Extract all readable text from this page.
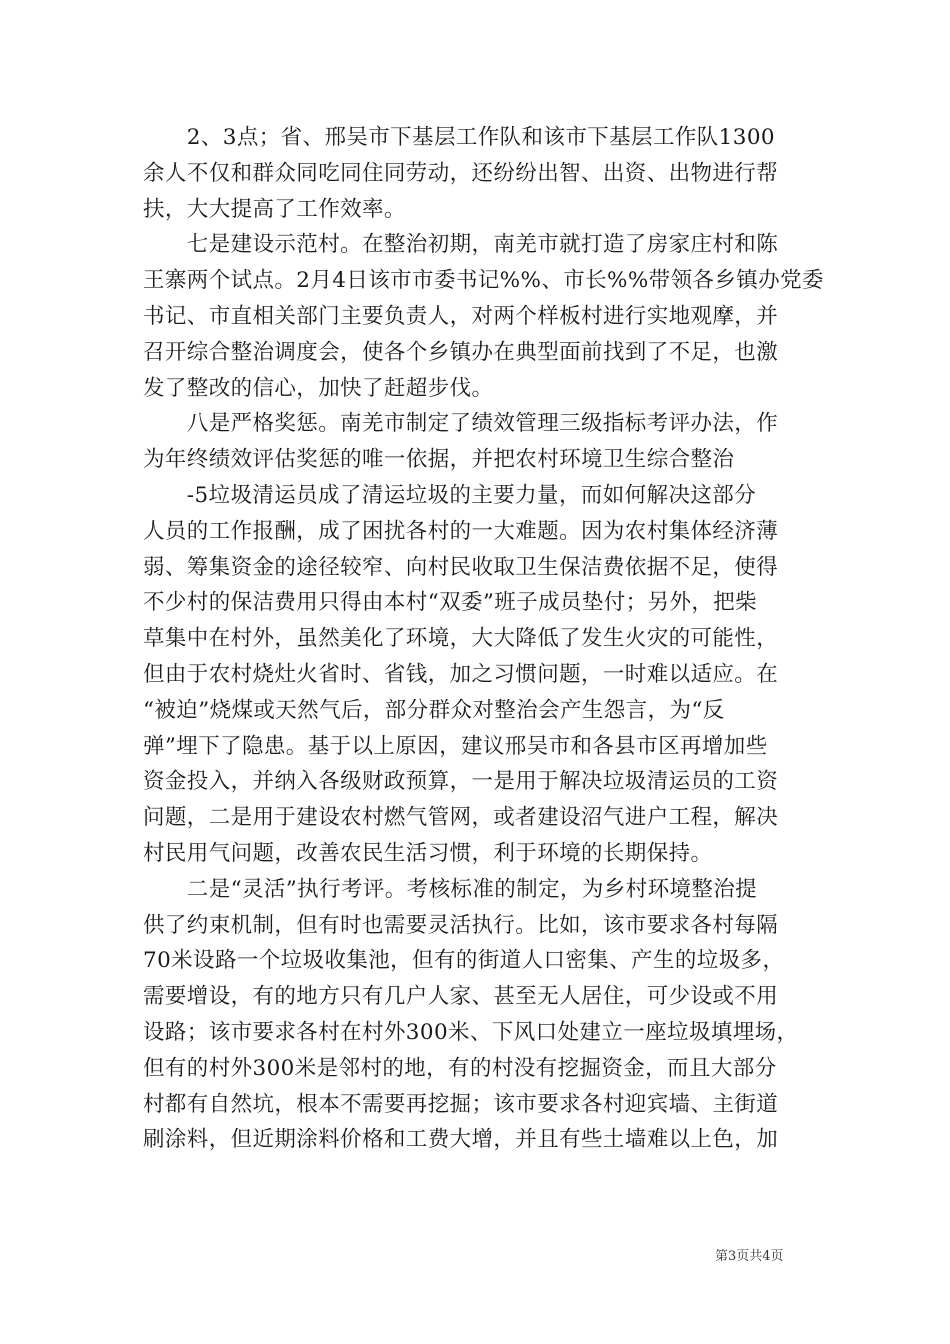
　　2、3点；省、邢吴市下基层工作队和该市下基层工作队1300
余人不仅和群众同吃同住同劳动，还纷纷出智、出资、出物进行帮
扶，大大提高了工作效率。
　　七是建设示范村。在整治初期，南羌市就打造了房家庄村和陈
王寨两个试点。2月4日该市市委书记%%、市长%%带领各乡镇办党委
书记、市直相关部门主要负责人，对两个样板村进行实地观摩，并
召开综合整治调度会，使各个乡镇办在典型面前找到了不足，也激
发了整改的信心，加快了赶超步伐。
　　八是严格奖惩。南羌市制定了绩效管理三级指标考评办法，作
为年终绩效评估奖惩的唯一依据，并把农村环境卫生综合整治
　　-5垃圾清运员成了清运垃圾的主要力量，而如何解决这部分
人员的工作报酬，成了困扰各村的一大难题。因为农村集体经济薄
弱、筹集资金的途径较窄、向村民收取卫生保洁费依据不足，使得
不少村的保洁费用只得由本村“双委”班子成员垫付；另外，把柴
草集中在村外，虽然美化了环境，大大降低了发生火灾的可能性，
但由于农村烧灶火省时、省钱，加之习惯问题，一时难以适应。在
“被迫”烧煤或天然气后，部分群众对整治会产生怨言，为“反
弹”埋下了隐患。基于以上原因，建议邢吴市和各县市区再增加些
资金投入，并纳入各级财政预算，一是用于解决垃圾清运员的工资
问题，二是用于建设农村燃气管网，或者建设沼气进户工程，解决
村民用气问题，改善农民生活习惯，利于环境的长期保持。
　　二是“灵活”执行考评。考核标准的制定，为乡村环境整治提
供了约束机制，但有时也需要灵活执行。比如，该市要求各村每隔
70米设路一个垃圾收集池，但有的街道人口密集、产生的垃圾多，
需要增设，有的地方只有几户人家、甚至无人居住，可少设或不用
设路；该市要求各村在村外300米、下风口处建立一座垃圾填埋场，
但有的村外300米是邻村的地，有的村没有挖掘资金，而且大部分
村都有自然坑，根本不需要再挖掘；该市要求各村迎宾墙、主街道
刷涂料，但近期涂料价格和工费大增，并且有些土墙难以上色，加
第3页共4页
